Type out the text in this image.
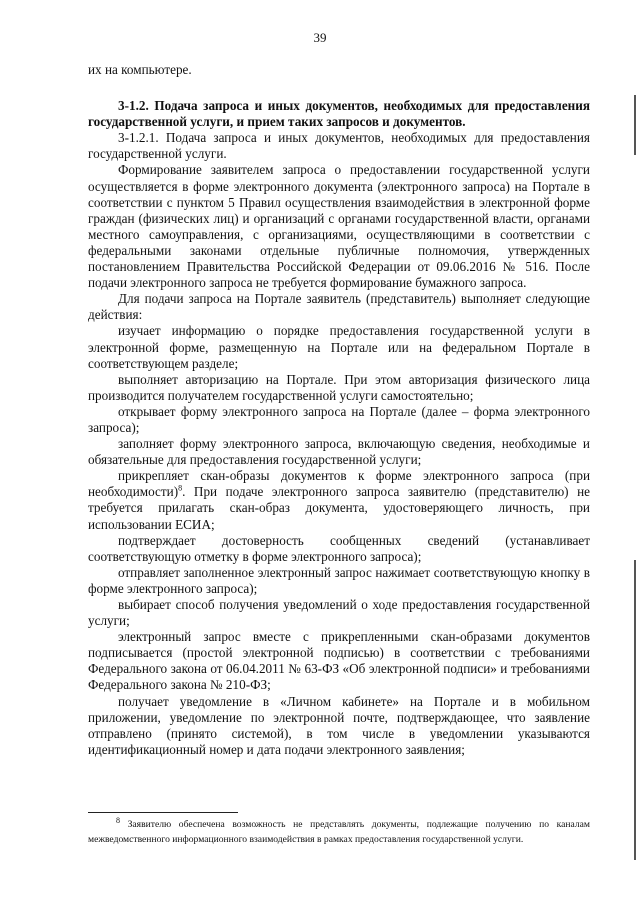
39

их на компьютере.

3-1.2. Подача запроса и иных документов, необходимых для предоставления государственной услуги, и прием таких запросов и документов.

3-1.2.1. Подача запроса и иных документов, необходимых для предоставления государственной услуги.

Формирование заявителем запроса о предоставлении государственной услуги осуществляется в форме электронного документа (электронного запроса) на Портале в соответствии с пунктом 5 Правил осуществления взаимодействия в электронной форме граждан (физических лиц) и организаций с органами государственной власти, органами местного самоуправления, с организациями, осуществляющими в соответствии с федеральными законами отдельные публичные полномочия, утвержденных постановлением Правительства Российской Федерации от 09.06.2016 № 516. После подачи электронного запроса не требуется формирование бумажного запроса.

Для подачи запроса на Портале заявитель (представитель) выполняет следующие действия:

изучает информацию о порядке предоставления государственной услуги в электронной форме, размещенную на Портале или на федеральном Портале в соответствующем разделе;

выполняет авторизацию на Портале. При этом авторизация физического лица производится получателем государственной услуги самостоятельно;

открывает форму электронного запроса на Портале (далее – форма электронного запроса);

заполняет форму электронного запроса, включающую сведения, необходимые и обязательные для предоставления государственной услуги;

прикрепляет скан-образы документов к форме электронного запроса (при необходимости)$^8$. При подаче электронного запроса заявителю (представителю) не требуется прилагать скан-образ документа, удостоверяющего личность, при использовании ЕСИА;

подтверждает достоверность сообщенных сведений (устанавливает соответствующую отметку в форме электронного запроса);

отправляет заполненное электронный запрос нажимает соответствующую кнопку в форме электронного запроса);

выбирает способ получения уведомлений о ходе предоставления государственной услуги;

электронный запрос вместе с прикрепленными скан-образами документов подписывается (простой электронной подписью) в соответствии с требованиями Федерального закона от 06.04.2011 № 63-ФЗ «Об электронной подписи» и требованиями Федерального закона № 210-ФЗ;

получает уведомление в «Личном кабинете» на Портале и в мобильном приложении, уведомление по электронной почте, подтверждающее, что заявление отправлено (принято системой), в том числе в уведомлении указываются идентификационный номер и дата подачи электронного заявления;

$^8$ Заявителю обеспечена возможность не представлять документы, подлежащие получению по каналам межведомственного информационного взаимодействия в рамках предоставления государственной услуги.
